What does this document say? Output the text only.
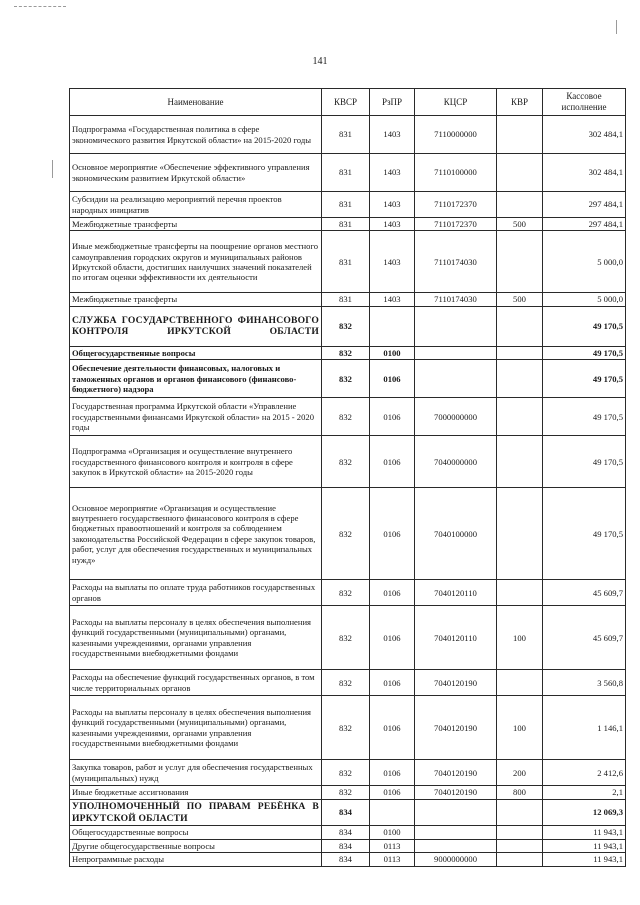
141
Наименование	КВСР	РзПР	КЦСР	КВР	Кассовое исполнение
Подпрограмма «Государственная политика в сфере экономического развития Иркутской области» на 2015-2020 годы	831	1403	7110000000		302 484,1
Основное мероприятие «Обеспечение эффективного управления экономическим развитием Иркутской области»	831	1403	7110100000		302 484,1
Субсидии на реализацию мероприятий перечня проектов народных инициатив	831	1403	7110172370		297 484,1
Межбюджетные трансферты	831	1403	7110172370	500	297 484,1
Иные межбюджетные трансферты на поощрение органов местного самоуправления городских округов и муниципальных районов Иркутской области, достигших наилучших значений показателей по итогам оценки эффективности их деятельности	831	1403	7110174030		5 000,0
Межбюджетные трансферты	831	1403	7110174030	500	5 000,0
СЛУЖБА ГОСУДАРСТВЕННОГО ФИНАНСОВОГО КОНТРОЛЯ ИРКУТСКОЙ ОБЛАСТИ	832				49 170,5
Общегосударственные вопросы	832	0100			49 170,5
Обеспечение деятельности финансовых, налоговых и таможенных органов и органов финансового (финансово-бюджетного) надзора	832	0106			49 170,5
Государственная программа Иркутской области «Управление государственными финансами Иркутской области» на 2015 - 2020 годы	832	0106	7000000000		49 170,5
Подпрограмма «Организация и осуществление внутреннего государственного финансового контроля и контроля в сфере закупок в Иркутской области» на 2015-2020 годы	832	0106	7040000000		49 170,5
Основное мероприятие «Организация и осуществление внутреннего государственного финансового контроля в сфере бюджетных правоотношений и контроля за соблюдением законодательства Российской Федерации в сфере закупок товаров, работ, услуг для обеспечения государственных и муниципальных нужд»	832	0106	7040100000		49 170,5
Расходы на выплаты по оплате труда работников государственных органов	832	0106	7040120110		45 609,7
Расходы на выплаты персоналу в целях обеспечения выполнения функций государственными (муниципальными) органами, казенными учреждениями, органами управления государственными внебюджетными фондами	832	0106	7040120110	100	45 609,7
Расходы на обеспечение функций государственных органов, в том числе территориальных органов	832	0106	7040120190		3 560,8
Расходы на выплаты персоналу в целях обеспечения выполнения функций государственными (муниципальными) органами, казенными учреждениями, органами управления государственными внебюджетными фондами	832	0106	7040120190	100	1 146,1
Закупка товаров, работ и услуг для обеспечения государственных (муниципальных) нужд	832	0106	7040120190	200	2 412,6
Иные бюджетные ассигнования	832	0106	7040120190	800	2,1
УПОЛНОМОЧЕННЫЙ ПО ПРАВАМ РЕБЁНКА В ИРКУТСКОЙ ОБЛАСТИ	834				12 069,3
Общегосударственные вопросы	834	0100			11 943,1
Другие общегосударственные вопросы	834	0113			11 943,1
Непрограммные расходы	834	0113	9000000000		11 943,1
